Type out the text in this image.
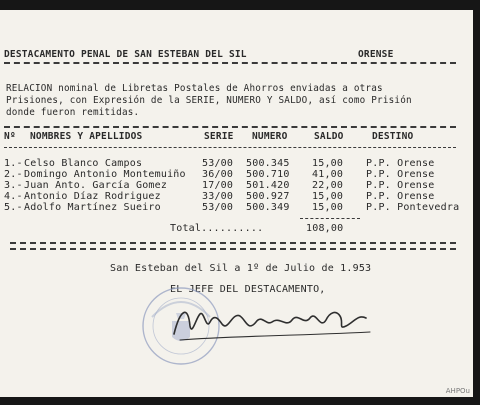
DESTACAMENTO PENAL DE SAN ESTEBAN DEL SIL	ORENSE
RELACION nominal de Libretas Postales de Ahorros enviadas a otras
Prisiones, con Expresión de la SERIE, NUMERO Y SALDO, así como Prisión
donde fueron remitidas.
Nº NOMBRES Y APELLIDOS	SERIE NUMERO	SALDO	DESTINO
1.- Celso Blanco Campos	53/00 500.345 15,00 P.P. Orense
2.- Domingo Antonio Montemuiño 36/00 500.710 41,00 P.P. Orense
3.- Juan Anto. García Gomez	17/00 501.420 22,00 P.P. Orense
4.- Antonio Díaz Rodriguez	33/00 500.927 15,00 P.P. Orense
5.- Adolfo Martínez Sueiro	53/00 500.349 15,00 P.P. Pontevedra
Total..........	108,00
San Esteban del Sil a 1º de Julio de 1.953
EL JEFE DEL DESTACAMENTO,
AHPOu
